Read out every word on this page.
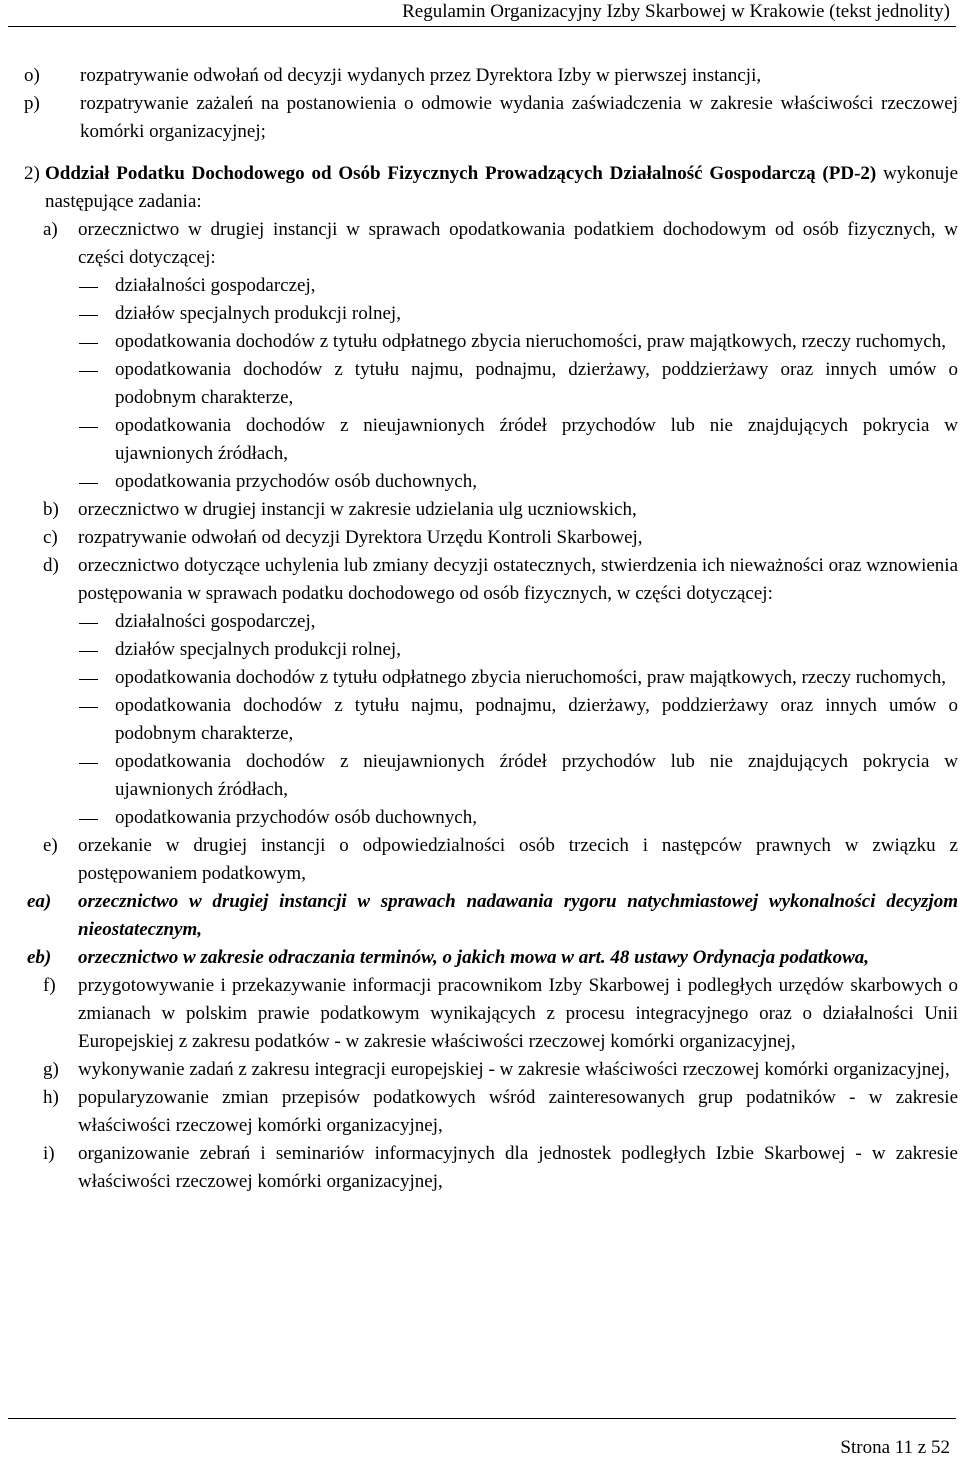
Regulamin Organizacyjny Izby Skarbowej w Krakowie (tekst jednolity)
o) rozpatrywanie odwołań od decyzji wydanych przez Dyrektora Izby w pierwszej instancji,
p) rozpatrywanie zażaleń na postanowienia o odmowie wydania zaświadczenia w zakresie właściwości rzeczowej komórki organizacyjnej;
2) Oddział Podatku Dochodowego od Osób Fizycznych Prowadzących Działalność Gospodarczą (PD-2) wykonuje następujące zadania:
a) orzecznictwo w drugiej instancji w sprawach opodatkowania podatkiem dochodowym od osób fizycznych, w części dotyczącej:
działalności gospodarczej,
działów specjalnych produkcji rolnej,
opodatkowania dochodów z tytułu odpłatnego zbycia nieruchomości, praw majątkowych, rzeczy ruchomych,
opodatkowania dochodów z tytułu najmu, podnajmu, dzierżawy, poddzierżawy oraz innych umów o podobnym charakterze,
opodatkowania dochodów z nieujawnionych źródeł przychodów lub nie znajdujących pokrycia w ujawnionych źródłach,
opodatkowania przychodów osób duchownych,
b) orzecznictwo w drugiej instancji w zakresie udzielania ulg uczniowskich,
c) rozpatrywanie odwołań od decyzji Dyrektora Urzędu Kontroli Skarbowej,
d) orzecznictwo dotyczące uchylenia lub zmiany decyzji ostatecznych, stwierdzenia ich nieważności oraz wznowienia postępowania w sprawach podatku dochodowego od osób fizycznych, w części dotyczącej:
działalności gospodarczej,
działów specjalnych produkcji rolnej,
opodatkowania dochodów z tytułu odpłatnego zbycia nieruchomości, praw majątkowych, rzeczy ruchomych,
opodatkowania dochodów z tytułu najmu, podnajmu, dzierżawy, poddzierżawy oraz innych umów o podobnym charakterze,
opodatkowania dochodów z nieujawnionych źródeł przychodów lub nie znajdujących pokrycia w ujawnionych źródłach,
opodatkowania przychodów osób duchownych,
e) orzekanie w drugiej instancji o odpowiedzialności osób trzecich i następców prawnych w związku z postępowaniem podatkowym,
ea) orzecznictwo w drugiej instancji w sprawach nadawania rygoru natychmiastowej wykonalności decyzjom nieostatecznym,
eb) orzecznictwo w zakresie odraczania terminów, o jakich mowa w art. 48 ustawy Ordynacja podatkowa,
f) przygotowywanie i przekazywanie informacji pracownikom Izby Skarbowej i podległych urzędów skarbowych o zmianach w polskim prawie podatkowym wynikających z procesu integracyjnego oraz o działalności Unii Europejskiej z zakresu podatków - w zakresie właściwości rzeczowej komórki organizacyjnej,
g) wykonywanie zadań z zakresu integracji europejskiej - w zakresie właściwości rzeczowej komórki organizacyjnej,
h) popularyzowanie zmian przepisów podatkowych wśród zainteresowanych grup podatników - w zakresie właściwości rzeczowej komórki organizacyjnej,
i) organizowanie zebrań i seminariów informacyjnych dla jednostek podległych Izbie Skarbowej - w zakresie właściwości rzeczowej komórki organizacyjnej,
Strona 11 z 52
